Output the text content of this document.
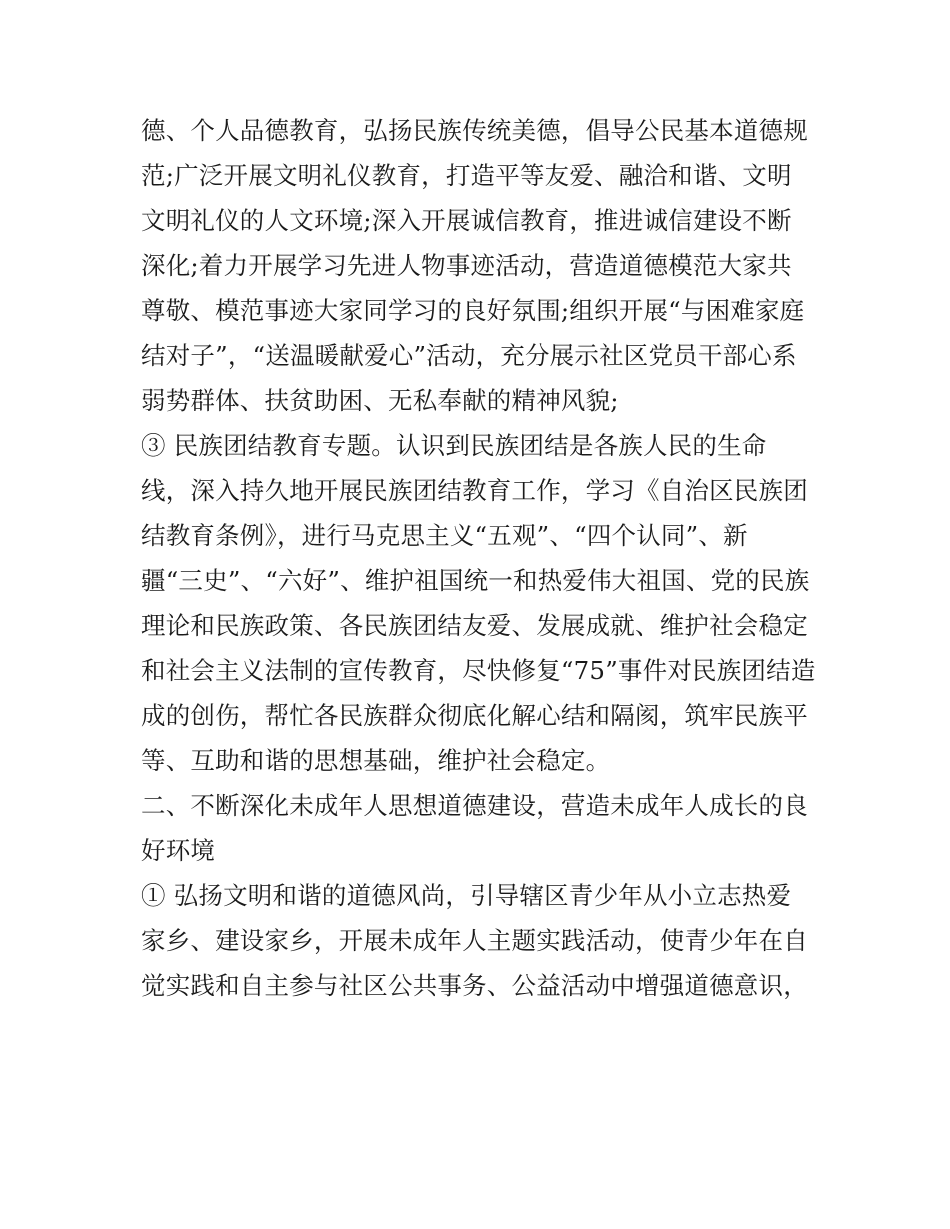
德、个人品德教育，弘扬民族传统美德，倡导公民基本道德规
范;广泛开展文明礼仪教育，打造平等友爱、融洽和谐、文明
文明礼仪的人文环境;深入开展诚信教育，推进诚信建设不断
深化;着力开展学习先进人物事迹活动，营造道德模范大家共
尊敬、模范事迹大家同学习的良好氛围;组织开展“与困难家庭
结对子”，“送温暖献爱心”活动，充分展示社区党员干部心系
弱势群体、扶贫助困、无私奉献的精神风貌;
③ 民族团结教育专题。认识到民族团结是各族人民的生命
线，深入持久地开展民族团结教育工作，学习《自治区民族团
结教育条例》，进行马克思主义“五观”、“四个认同”、新
疆“三史”、“六好”、维护祖国统一和热爱伟大祖国、党的民族
理论和民族政策、各民族团结友爱、发展成就、维护社会稳定
和社会主义法制的宣传教育，尽快修复“75”事件对民族团结造
成的创伤，帮忙各民族群众彻底化解心结和隔阂，筑牢民族平
等、互助和谐的思想基础，维护社会稳定。
二、不断深化未成年人思想道德建设，营造未成年人成长的良
好环境
① 弘扬文明和谐的道德风尚，引导辖区青少年从小立志热爱
家乡、建设家乡，开展未成年人主题实践活动，使青少年在自
觉实践和自主参与社区公共事务、公益活动中增强道德意识，
